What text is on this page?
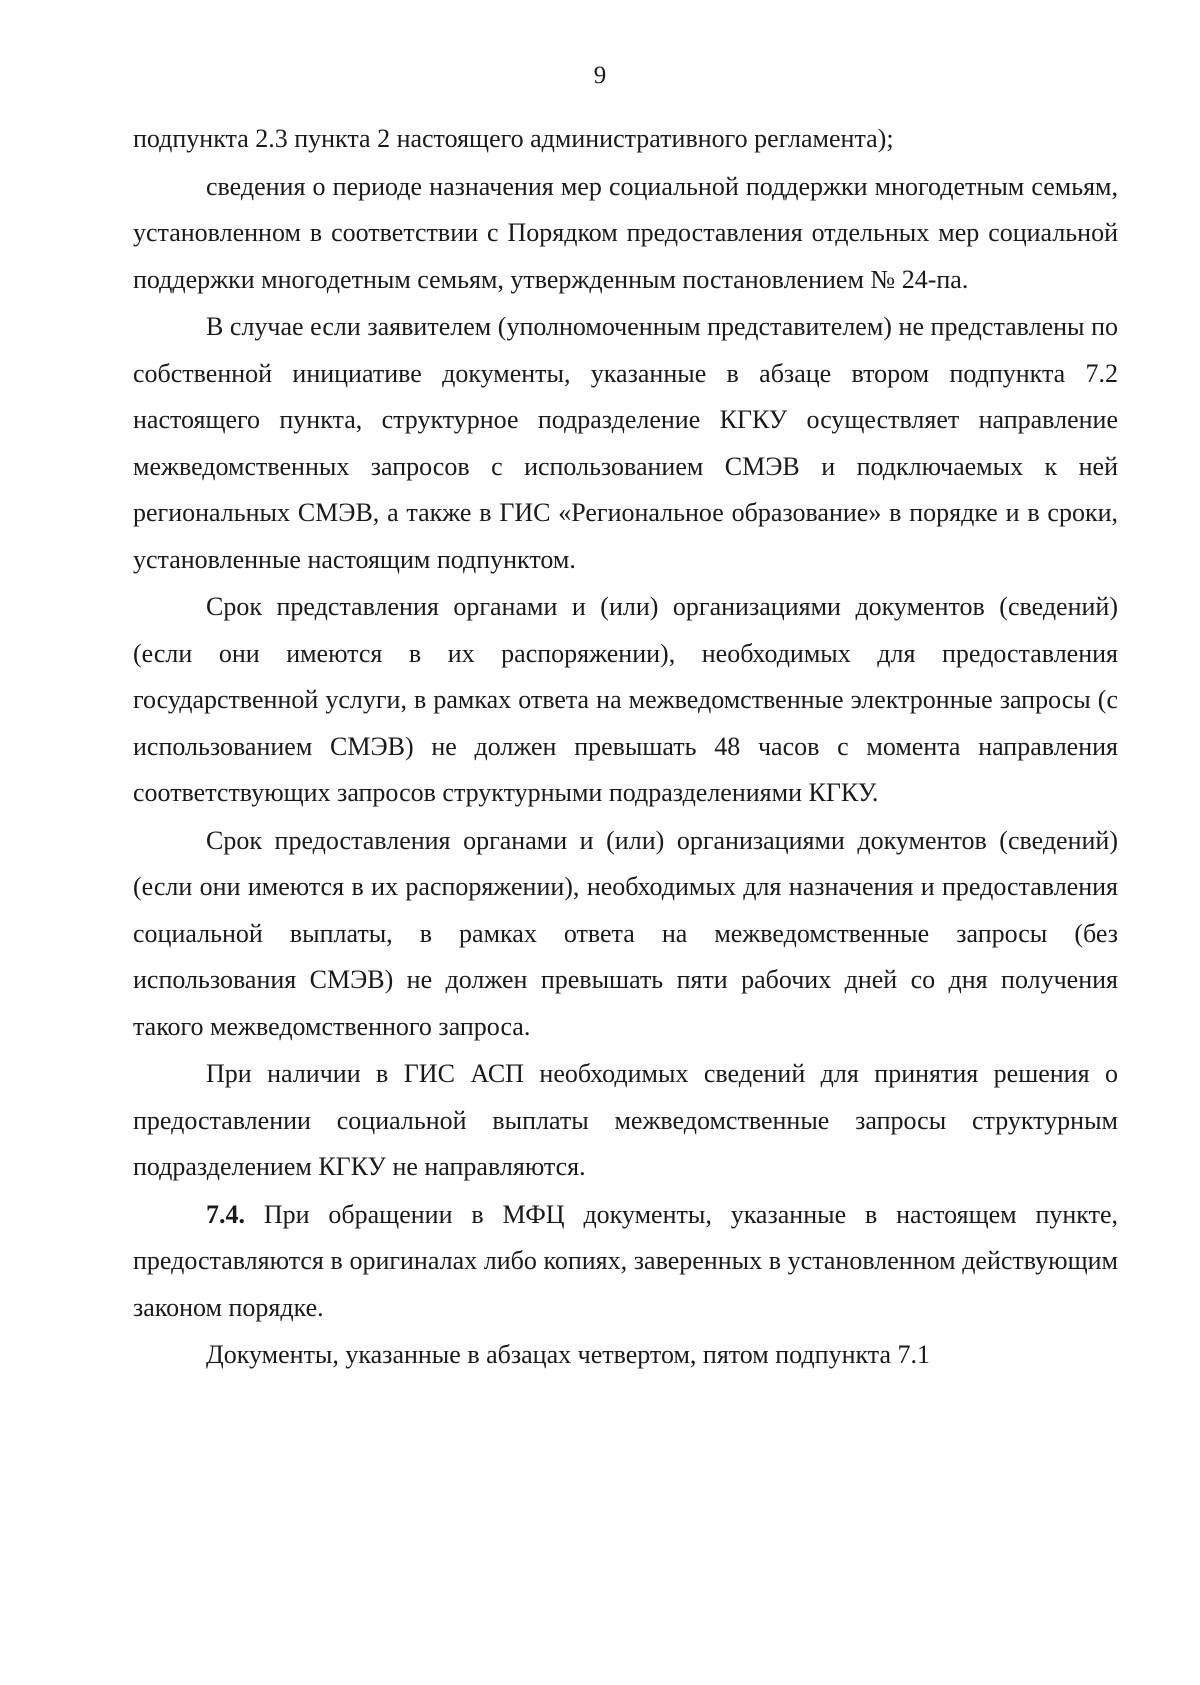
9

подпункта 2.3 пункта 2 настоящего административного регламента);

сведения о периоде назначения мер социальной поддержки многодетным семьям, установленном в соответствии с Порядком предоставления отдельных мер социальной поддержки многодетным семьям, утвержденным постановлением № 24-па.

В случае если заявителем (уполномоченным представителем) не представлены по собственной инициативе документы, указанные в абзаце втором подпункта 7.2 настоящего пункта, структурное подразделение КГКУ осуществляет направление межведомственных запросов с использованием СМЭВ и подключаемых к ней региональных СМЭВ, а также в ГИС «Региональное образование» в порядке и в сроки, установленные настоящим подпунктом.

Срок представления органами и (или) организациями документов (сведений) (если они имеются в их распоряжении), необходимых для предоставления государственной услуги, в рамках ответа на межведомственные электронные запросы (с использованием СМЭВ) не должен превышать 48 часов с момента направления соответствующих запросов структурными подразделениями КГКУ.

Срок предоставления органами и (или) организациями документов (сведений) (если они имеются в их распоряжении), необходимых для назначения и предоставления социальной выплаты, в рамках ответа на межведомственные запросы (без использования СМЭВ) не должен превышать пяти рабочих дней со дня получения такого межведомственного запроса.

При наличии в ГИС АСП необходимых сведений для принятия решения о предоставлении социальной выплаты межведомственные запросы структурным подразделением КГКУ не направляются.

7.4. При обращении в МФЦ документы, указанные в настоящем пункте, предоставляются в оригиналах либо копиях, заверенных в установленном действующим законом порядке.

Документы, указанные в абзацах четвертом, пятом подпункта 7.1
